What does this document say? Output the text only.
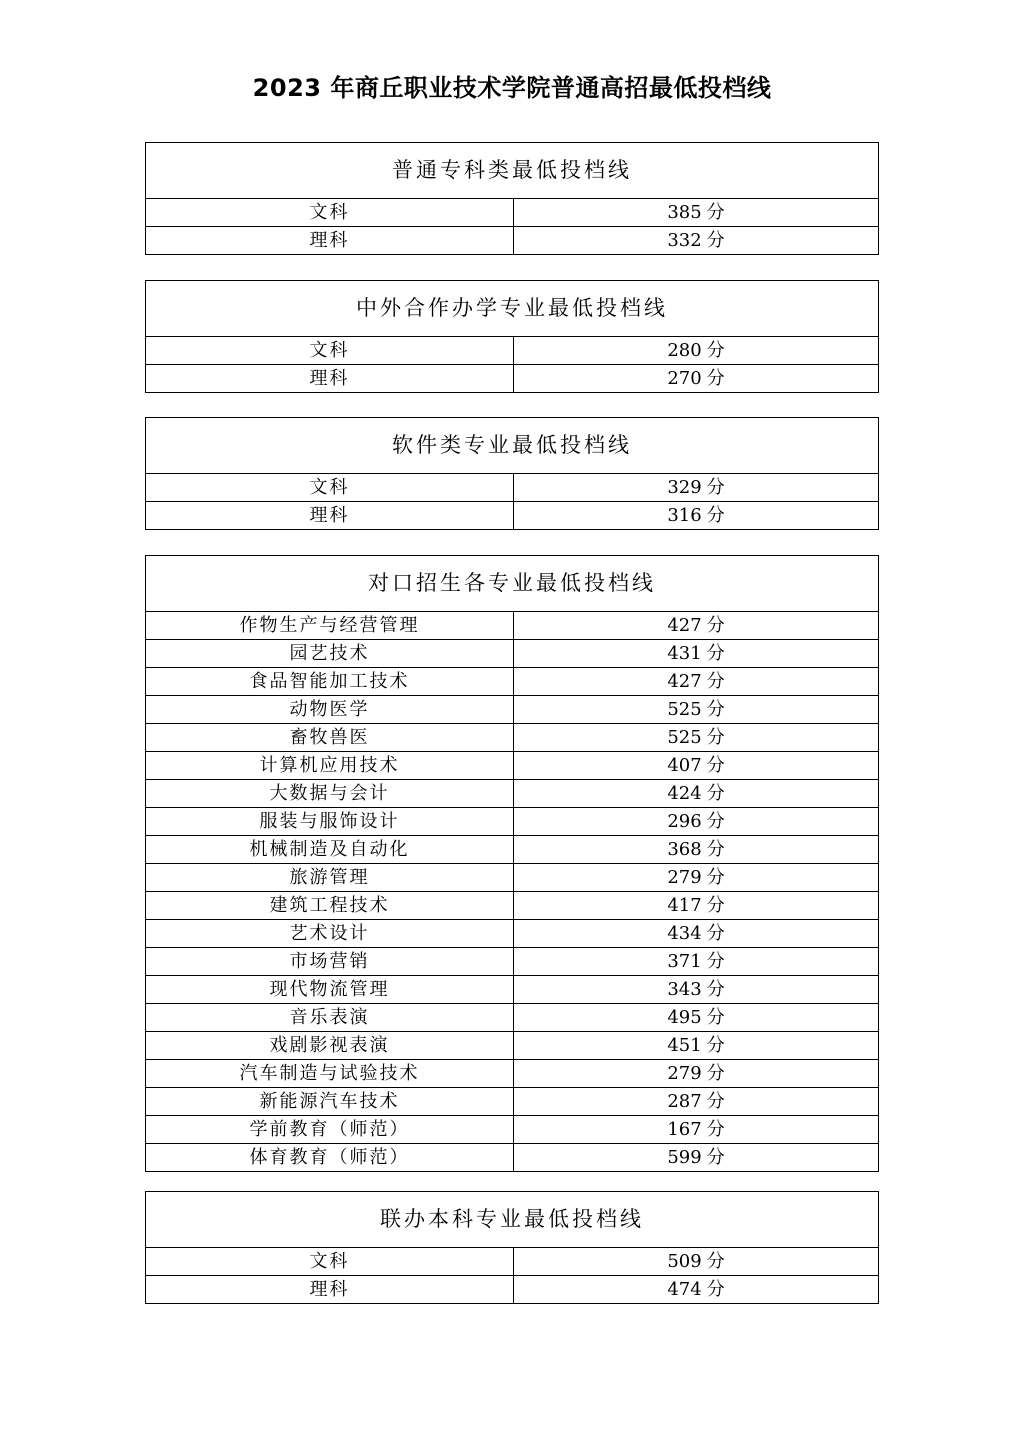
2023 年商丘职业技术学院普通高招最低投档线
普通专科类最低投档线
文科	385 分
理科	332 分
中外合作办学专业最低投档线
文科	280 分
理科	270 分
软件类专业最低投档线
文科	329 分
理科	316 分
对口招生各专业最低投档线
作物生产与经营管理	427 分
园艺技术	431 分
食品智能加工技术	427 分
动物医学	525 分
畜牧兽医	525 分
计算机应用技术	407 分
大数据与会计	424 分
服装与服饰设计	296 分
机械制造及自动化	368 分
旅游管理	279 分
建筑工程技术	417 分
艺术设计	434 分
市场营销	371 分
现代物流管理	343 分
音乐表演	495 分
戏剧影视表演	451 分
汽车制造与试验技术	279 分
新能源汽车技术	287 分
学前教育（师范）	167 分
体育教育（师范）	599 分
联办本科专业最低投档线
文科	509 分
理科	474 分
